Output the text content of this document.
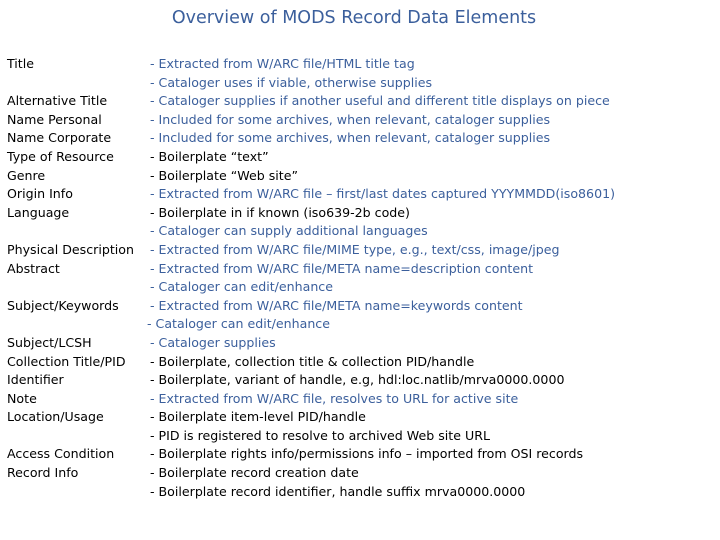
Overview of MODS Record Data Elements
Title	- Extracted from W/ARC file/HTML title tag
- Cataloger uses if viable, otherwise supplies
Alternative Title	- Cataloger supplies if another useful and different title displays on piece
Name Personal	- Included for some archives, when relevant, cataloger supplies
Name Corporate	- Included for some archives, when relevant, cataloger supplies
Type of Resource	- Boilerplate “text”
Genre	- Boilerplate “Web site”
Origin Info	- Extracted from W/ARC file – first/last dates captured YYYMMDD(iso8601)
Language	- Boilerplate in if known (iso639-2b code)
- Cataloger can supply additional languages
Physical Description - Extracted from W/ARC file/MIME type, e.g., text/css, image/jpeg
Abstract	- Extracted from W/ARC file/META name=description content
- Cataloger can edit/enhance
Subject/Keywords - Extracted from W/ARC file/META name=keywords content
- Cataloger can edit/enhance
Subject/LCSH	- Cataloger supplies
Collection Title/PID - Boilerplate, collection title & collection PID/handle
Identifier	- Boilerplate, variant of handle, e.g, hdl:loc.natlib/mrva0000.0000
Note	- Extracted from W/ARC file, resolves to URL for active site
Location/Usage	- Boilerplate item-level PID/handle
- PID is registered to resolve to archived Web site URL
Access Condition	- Boilerplate rights info/permissions info – imported from OSI records
Record Info	- Boilerplate record creation date
- Boilerplate record identifier, handle suffix mrva0000.0000
